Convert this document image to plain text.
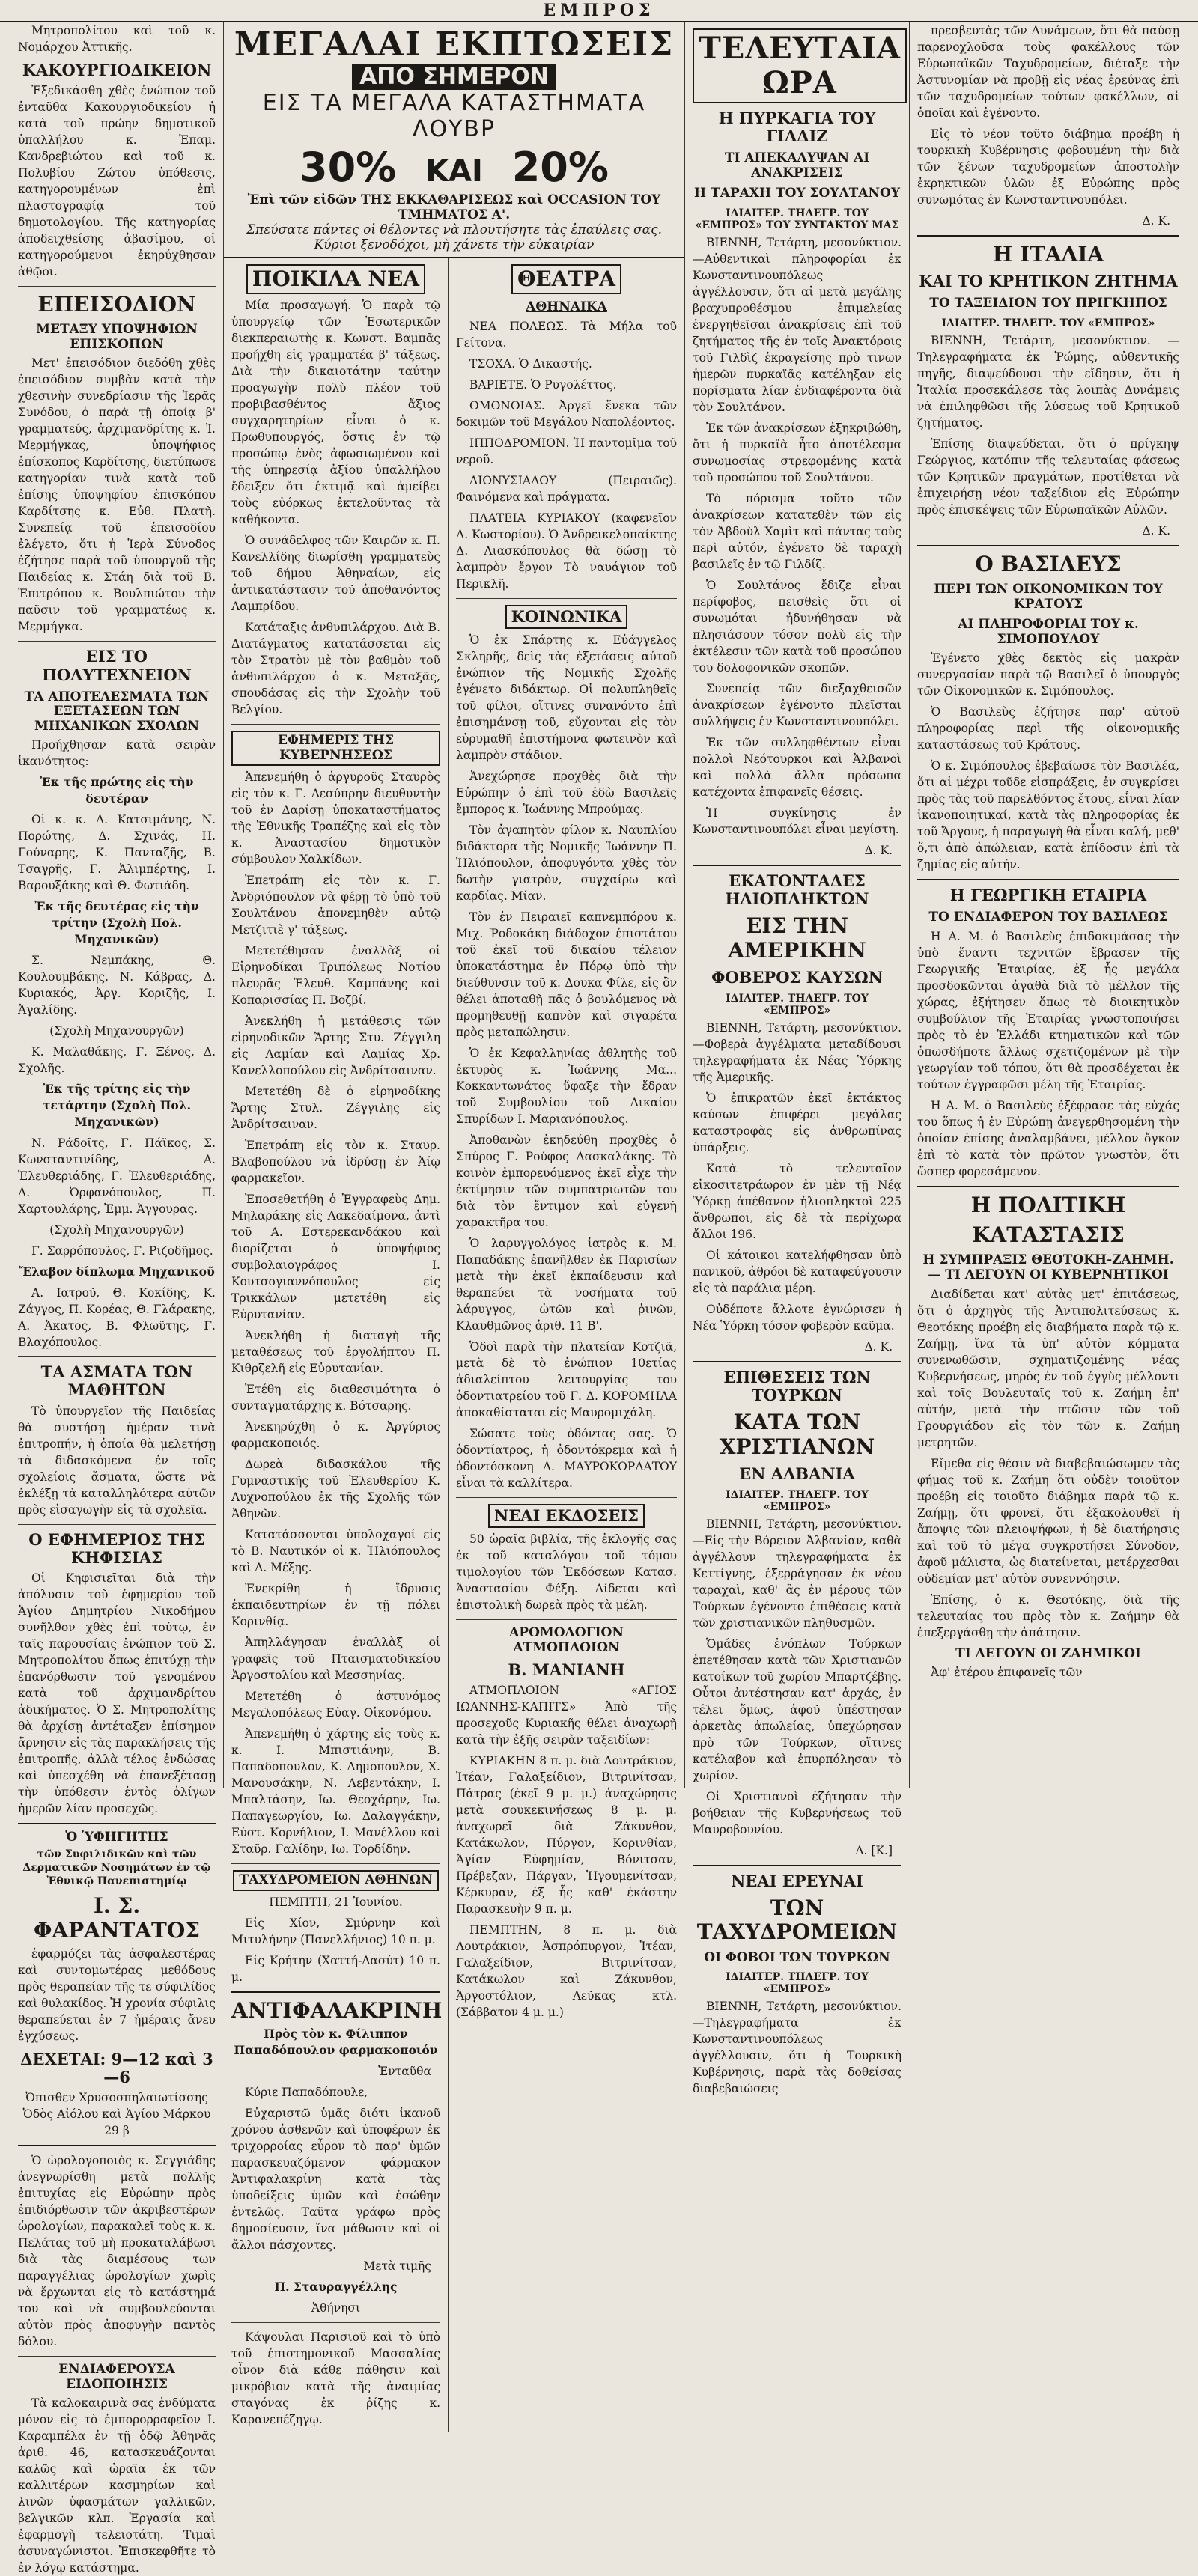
ΕΜΠΡΟΣ

Μητροπολίτου καὶ τοῦ κ. Νομάρχου Ἀττικῆς.

ΚΑΚΟΥΡΓΙΟΔΙΚΕΙΟΝ

Ἐξεδικάσθη χθὲς ἐνώπιον τοῦ ἐνταῦθα Κακουργιοδικείου ἡ κατὰ τοῦ πρώην δημοτικοῦ ὑπαλλήλου κ. Ἐπαμ. Κανδρεβιώτου καὶ τοῦ κ. Πολυβίου Ζώτου ὑπόθεσις, κατηγορουμένων ἐπὶ πλαστογραφίᾳ τοῦ δημοτολογίου. Τῆς κατηγορίας ἀποδειχθείσης ἀβασίμου, οἱ κατηγορούμενοι ἐκηρύχθησαν ἀθῷοι.

ΕΠΕΙΣΟΔΙΟΝ
ΜΕΤΑΞΥ ΥΠΟΨΗΦΙΩΝ ΕΠΙΣΚΟΠΩΝ

Μετ' ἐπεισόδιον διεδόθη χθὲς ἐπεισόδιον συμβὰν κατὰ τὴν χθεσινὴν συνεδρίασιν τῆς Ἱερᾶς Συνόδου, ὁ παρὰ τῇ ὁποίᾳ β' γραμματεύς, ἀρχιμανδρίτης κ. Ἰ. Μερμήγκας, ὑποψήφιος ἐπίσκοπος Καρδίτσης, διετύπωσε κατηγορίαν τινὰ κατὰ τοῦ ἐπίσης ὑποψηφίου ἐπισκόπου Καρδίτσης κ. Εὐθ. Πλατῆ. Συνεπείᾳ τοῦ ἐπεισοδίου ἐλέγετο, ὅτι ἡ Ἱερὰ Σύνοδος ἐζήτησε παρὰ τοῦ ὑπουργοῦ τῆς Παιδείας κ. Στάη διὰ τοῦ Β. Ἐπιτρόπου κ. Βουλπιώτου τὴν παῦσιν τοῦ γραμματέως κ. Μερμήγκα.

ΕΙΣ ΤΟ ΠΟΛΥΤΕΧΝΕΙΟΝ
ΤΑ ΑΠΟΤΕΛΕΣΜΑΤΑ ΤΩΝ ΕΞΕΤΑΣΕΩΝ ΤΩΝ ΜΗΧΑΝΙΚΩΝ ΣΧΟΛΩΝ

Προήχθησαν κατὰ σειρὰν ἱκανότητος:

Ἐκ τῆς πρώτης εἰς τὴν δευτέραν

Οἱ κ. κ. Δ. Κατσιμάνης, Ν. Πορώτης, Δ. Σχινάς, Η. Γούναρης, Κ. Πανταζῆς, Β. Τσαγρῆς, Γ. Ἀλιμπέρτης, Ι. Βαρουξάκης καὶ Θ. Φωτιάδη.

Ἐκ τῆς δευτέρας εἰς τὴν τρίτην (Σχολὴ Πολ. Μηχανικῶν)

Σ. Νεμπάκης, Θ. Κουλουμβάκης, Ν. Κάβρας, Δ. Κυριακός, Ἀργ. Κοριζῆς, Ι. Ἀγαλίδης.

(Σχολὴ Μηχανουργῶν)

Κ. Μαλαθάκης, Γ. Ξένος, Δ. Σχολῆς.

Ἐκ τῆς τρίτης εἰς τὴν τετάρτην (Σχολὴ Πολ. Μηχανικῶν)

Ν. Ράδοῖτς, Γ. Πάϊκος, Σ. Κωνσταντινίδης, Α. Ἐλευθεριάδης, Γ. Ἐλευθεριάδης, Δ. Ὀρφανόπουλος, Π. Χαρτουλάρης, Ἐμμ. Ἀγγουρας.

(Σχολὴ Μηχανουργῶν)

Γ. Σαρρόπουλος, Γ. Ριζοδῆμος.

Ἔλαβον δίπλωμα Μηχανικοῦ

Α. Ιατροῦ, Θ. Κοκίδης, Κ. Ζάγγος, Π. Κορέας, Θ. Γλάρακης, Α. Ἀκατος, Β. Φλωῦτης, Γ. Βλαχόπουλος.

ΤΑ ΑΣΜΑΤΑ ΤΩΝ ΜΑΘΗΤΩΝ

Τὸ ὑπουργεῖον τῆς Παιδείας θὰ συστήσῃ ἡμέραν τινὰ ἐπιτροπήν, ἡ ὁποία θὰ μελετήσῃ τὰ διδασκόμενα ἐν τοῖς σχολείοις ἄσματα, ὥστε νὰ ἐκλέξῃ τὰ καταλληλότερα αὐτῶν πρὸς εἰσαγωγὴν εἰς τὰ σχολεῖα.

Ο ΕΦΗΜΕΡΙΟΣ ΤΗΣ ΚΗΦΙΣΙΑΣ

Οἱ Κηφισιεῖται διὰ τὴν ἀπόλυσιν τοῦ ἐφημερίου τοῦ Ἁγίου Δημητρίου Νικοδήμου συνῆλθον χθὲς ἐπὶ τούτῳ, ἐν ταῖς παρουσίαις ἐνώπιον τοῦ Σ. Μητροπολίτου ὅπως ἐπιτύχῃ τὴν ἐπανόρθωσιν τοῦ γενομένου κατὰ τοῦ ἀρχιμανδρίτου ἀδικήματος. Ὁ Σ. Μητροπολίτης θὰ ἀρχίσῃ ἀντέταξεν ἐπίσημον ἄρνησιν εἰς τὰς παρακλήσεις τῆς ἐπιτροπῆς, ἀλλὰ τέλος ἐνδώσας καὶ ὑπεσχέθη νὰ ἐπανεξέτασῃ τὴν ὑπόθεσιν ἐντὸς ὀλίγων ἡμερῶν λίαν προσεχῶς.

Ὁ ὙΦΗΓΗΤΗΣ
τῶν Συφιλιδικῶν καὶ τῶν Δερματικῶν Νοσημάτων ἐν τῷ Ἐθνικῷ Πανεπιστημίῳ
Ι. Σ. ΦΑΡΑΝΤΑΤΟΣ

ἐφαρμόζει τὰς ἀσφαλεστέρας καὶ συντομωτέρας μεθόδους πρὸς θεραπείαν τῆς τε σύφιλίδος καὶ θυλακίδος. Ἡ χρονία σύφιλις θεραπεύεται ἐν 7 ἡμέραις ἄνευ ἐγχύσεως.

ΔΕΧΕΤΑΙ: 9—12 καὶ 3—6
Ὀπισθεν Χρυσοσπηλαιωτίσσης
Ὁδὸς Αἰόλου καὶ Ἁγίου Μάρκου 29 β

Ὁ ὡρολογοποιὸς κ. Σεγγιάδης ἀνεγνωρίσθη μετὰ πολλῆς ἐπιτυχίας εἰς Εὐρώπην πρὸς ἐπιδιόρθωσιν τῶν ἀκριβεστέρων ὡρολογίων, παρακαλεῖ τοὺς κ. κ. Πελάτας τοῦ μὴ προκαταλάβωσι διὰ τὰς διαμέσους των παραγγέλιας ὡρολογίων χωρὶς νὰ ἔρχωνται εἰς τὸ κατάστημά του καὶ νὰ συμβουλεύονται αὐτὸν πρὸς ἀποφυγὴν παντὸς δόλου.

ΕΝΔΙΑΦΕΡΟΥΣΑ ΕΙΔΟΠΟΙΗΣΙΣ

Τὰ καλοκαιρινὰ σας ἐνδύματα μόνον εἰς τὸ ἐμπορορραφεῖον Ι. Καραμπέλα ἐν τῇ ὁδῷ Ἀθηνᾶς ἀριθ. 46, κατασκευάζονται καλῶς καὶ ὡραῖα ἐκ τῶν καλλιτέρων κασμηρίων καὶ λινῶν ὑφασμάτων γαλλικῶν, βελγικῶν κλπ. Ἐργασία καὶ ἐφαρμογὴ τελειοτάτη. Τιμαὶ ἀσυναγώνιστοι. Ἐπισκεφθῆτε τὸ ἐν λόγῳ κατάστημα.

ΜΕΓΑΛΑΙ ΕΚΠΤΩΣΕΙΣ
ΑΠΟ ΣΗΜΕΡΟΝ
ΕΙΣ ΤΑ ΜΕΓΑΛΑ ΚΑΤΑΣΤΗΜΑΤΑ ΛΟΥΒΡ
30% ΚΑΙ 20%
Ἐπὶ τῶν εἰδῶν ΤΗΣ ΕΚΚΑΘΑΡΙΣΕΩΣ καὶ OCCASION ΤΟΥ ΤΜΗΜΑΤΟΣ Α'.
Σπεύσατε πάντες οἱ θέλοντες νὰ πλουτήσητε τὰς ἐπαύλεις σας. Κύριοι ξενοδόχοι, μὴ χάνετε τὴν εὐκαιρίαν
ΠΟΙΚΙΛΑ ΝΕΑ

Μία προσαγωγή. Ὁ παρὰ τῷ ὑπουργείῳ τῶν Ἐσωτερικῶν διεκπεραιωτὴς κ. Κωνστ. Βαμπᾶς προήχθη εἰς γραμματέα β' τάξεως. Διὰ τὴν δικαιοτάτην ταύτην προαγωγὴν πολὺ πλέον τοῦ προβιβασθέντος ἄξιος συγχαρητηρίων εἶναι ὁ κ. Πρωθυπουργός, ὅστις ἐν τῷ προσώπῳ ἑνὸς ἀφωσιωμένου καὶ τῆς ὑπηρεσίᾳ ἀξίου ὑπαλλήλου ἔδειξεν ὅτι ἐκτιμᾷ καὶ ἀμείβει τοὺς εὐόρκως ἐκτελοῦντας τὰ καθήκοντα.

Ὁ συνάδελφος τῶν Καιρῶν κ. Π. Κανελλίδης διωρίσθη γραμματεὺς τοῦ δήμου Ἀθηναίων, εἰς ἀντικατάστασιν τοῦ ἀποθανόντος Λαμπρίδου.

Κατάταξις ἀνθυπιλάρχου. Διὰ Β. Διατάγματος κατατάσσεται εἰς τὸν Στρατὸν μὲ τὸν βαθμὸν τοῦ ἀνθυπιλάρχου ὁ κ. Μεταξᾶς, σπουδάσας εἰς τὴν Σχολὴν τοῦ Βελγίου.

ΕΦΗΜΕΡΙΣ ΤΗΣ ΚΥΒΕΡΝΗΣΕΩΣ

Ἀπενεμήθη ὁ ἀργυροῦς Σταυρὸς εἰς τὸν κ. Γ. Δεσύπρην διευθυντὴν τοῦ ἐν Δαρίσῃ ὑποκαταστήματος τῆς Ἐθνικῆς Τραπέζης καὶ εἰς τὸν κ. Ἀναστασίου δημοτικὸν σύμβουλον Χαλκίδων.

Ἐπετράπη εἰς τὸν κ. Γ. Ἀνδριόπουλον νὰ φέρῃ τὸ ὑπὸ τοῦ Σουλτάνου ἀπονεμηθὲν αὐτῷ Μετζιτιὲ γ' τάξεως.

Μετετέθησαν ἐναλλὰξ οἱ Εἰρηνοδίκαι Τριπόλεως Νοτίου πλευρᾶς Ἐλευθ. Καμπάνης καὶ Κοπαρισσίας Π. Βοζβί.

Ἀνεκλήθη ἡ μετάθεσις τῶν εἰρηνοδικῶν Ἄρτης Στυ. Ζέγγιλη εἰς Λαμίαν καὶ Λαμίας Χρ. Κανελλοπούλου εἰς Ἀνδρίτσαιναν.

Μετετέθη δὲ ὁ εἰρηνοδίκης Ἄρτης Στυλ. Ζέγγιλης εἰς Ἀνδρίτσαιναν.

Ἐπετράπη εἰς τὸν κ. Σταυρ. Βλαβοπούλου νὰ ἱδρύσῃ ἐν Ἀίῳ φαρμακεῖον.

Ἐποσεθετήθη ὁ Ἐγγραφεὺς Δημ. Μηλαράκης εἰς Λακεδαίμονα, ἀντὶ τοῦ Α. Εστερεκανδάκου καὶ διορίζεται ὁ ὑποψήφιος συμβολαιογράφος Ι. Κουτσογιαννόπουλος εἰς Τρικκάλων μετετέθη εἰς Εὐρυτανίαν.

Ἀνεκλήθη ἡ διαταγὴ τῆς μεταθέσεως τοῦ ἐργολήπτου Π. Κιθρζελῆ εἰς Εὐρυτανίαν.

Ἐτέθη εἰς διαθεσιμότητα ὁ συνταγματάρχης κ. Βότσαρης.

Ἀνεκηρύχθη ὁ κ. Ἀργύριος φαρμακοποιός.

Δωρεὰ διδασκάλου τῆς Γυμναστικῆς τοῦ Ἐλευθερίου Κ. Λυχνοπούλου ἐκ τῆς Σχολῆς τῶν Ἀθηνῶν.

Κατατάσσονται ὑπολοχαγοί εἰς τὸ Β. Ναυτικόν οἱ κ. Ἠλιόπουλος καὶ Δ. Μέξης.

Ἐνεκρίθη ἡ ἵδρυσις ἐκπαιδευτηρίων ἐν τῇ πόλει Κορινθίᾳ.

Ἀπηλλάγησαν ἐναλλὰξ οἱ γραφεῖς τοῦ Πταισματοδικείου Ἀργοστολίου καὶ Μεσσηνίας.

Μετετέθη ὁ ἀστυνόμος Μεγαλοπόλεως Εὐαγ. Οἰκονόμου.

Ἀπενεμήθη ὁ χάρτης εἰς τοὺς κ. κ. Ι. Μπιστιάνην, Β. Παπαδοπουλον, Κ. Δημοπουλον, Χ. Μανουσάκην, Ν. Λεβεντάκην, Ι. Μπαλτάσην, Ιω. Θεοχάρην, Ιω. Παπαγεωργίου, Ιω. Δαλαγγάκην, Εὐστ. Κορνήλιον, Ι. Μανέλλου καὶ Σταῦρ. Γαλίδην, Ιω. Τορδίδην.

ΤΑΧΥΔΡΟΜΕΙΟΝ ΑΘΗΝΩΝ

ΠΕΜΠΤΗ, 21 Ἰουνίου.

Εἰς Χίον, Σμύρνην καὶ Μιτυλήνην (Πανελλήνιος) 10 π. μ.

Εἰς Κρήτην (Χαττή-Δασύτ) 10 π. μ.

ΑΝΤΙΦΑΛΑΚΡΙΝΗ

Πρὸς τὸν κ. Φίλιππον Παπαδόπουλον φαρμακοποιόν

Ἐνταῦθα

Κύριε Παπαδόπουλε,

Εὐχαριστῶ ὑμᾶς διότι ἱκανοῦ χρόνου ἀσθενῶν καὶ ὑποφέρων ἐκ τριχορροίας εὗρον τὸ παρ' ὑμῶν παρασκευαζόμενον φάρμακον Ἀντιφαλακρίνη κατὰ τὰς ὑποδείξεις ὑμῶν καὶ ἐσώθην ἐντελῶς. Ταῦτα γράφω πρὸς δημοσίευσιν, ἵνα μάθωσιν καὶ οἱ ἄλλοι πάσχοντες.

Μετὰ τιμῆς

Π. Σταυραγγέλλης

Ἀθήνησι

Κάψουλαι Παρισιοῦ καὶ τὸ ὑπὸ τοῦ ἐπιστημονικοῦ Μασσαλίας οἶνον διὰ κάθε πάθησιν καὶ μικρόβιον κατὰ τῆς ἀναιμίας σταγόνας ἐκ ῥίζης κ. Καρανεπέζηγῳ.

ΘΕΑΤΡΑ
ΑΘΗΝΑΙΚΑ

ΝΕΑ ΠΟΛΕΩΣ. Τὰ Μήλα τοῦ Γείτονα.

ΤΣΟΧΑ. Ὁ Δικαστής.

ΒΑΡΙΕΤΕ. Ὁ Ρυγολέττος.

ΟΜΟΝΟΙΑΣ. Ἀργεῖ ἕνεκα τῶν δοκιμῶν τοῦ Μεγάλου Ναπολέοντος.

ΙΠΠΟΔΡΟΜΙΟΝ. Ἡ παντομῖμα τοῦ νεροῦ.

ΔΙΟΝΥΣΙΑΔΟΥ (Πειραιῶς). Φαινόμενα καὶ πράγματα.

ΠΛΑΤΕΙΑ ΚΥΡΙΑΚΟΥ (καφενεῖον Δ. Κωστορίου). Ὁ Ἀνδρεικελοπαίκτης Δ. Λιασκόπουλος θὰ δώσῃ τὸ λαμπρὸν ἔργον Τὸ ναυάγιον τοῦ Περικλῆ.

ΚΟΙΝΩΝΙΚΑ

Ὁ ἐκ Σπάρτης κ. Εὐάγγελος Σκληρῆς, δεὶς τὰς ἐξετάσεις αὐτοῦ ἐνώπιον τῆς Νομικῆς Σχολῆς ἐγένετο διδάκτωρ. Οἱ πολυπληθεῖς τοῦ φίλοι, οἵτινες συνανόντο ἐπὶ ἐπισημάνσῃ τοῦ, εὔχονται εἰς τὸν εὐρυμαθῆ ἐπιστήμονα φωτεινὸν καὶ λαμπρὸν στάδιον.

Ἀνεχώρησε προχθὲς διὰ τὴν Εὐρώπην ὁ ἐπὶ τοῦ ἐδὼ Βασιλεῖς ἔμπορος κ. Ἰωάννης Μπρούμας.

Τὸν ἀγαπητὸν φίλον κ. Ναυπλίου διδάκτορα τῆς Νομικῆς Ἰωάννην Π. Ἠλιόπουλον, ἀποφυγόντα χθὲς τὸν δωτὴν γιατρὸν, συγχαίρω καὶ καρδίας. Μίαν.

Τὸν ἐν Πειραιεῖ καπνεμπόρου κ. Μιχ. Ῥοδοκάκη διάδοχον ἐπιστάτου τοῦ ἐκεῖ τοῦ δικαίου τέλειον ὑποκατάστημα ἐν Πόρῳ ὑπὸ τὴν διεύθυνσιν τοῦ κ. Δουκα Φίλε, εἰς ὃν θέλει ἀποταθῇ πᾶς ὁ βουλόμενος νὰ προμηθευθῇ καπνὸν καὶ σιγαρέτα πρὸς μεταπώλησιν.

Ὁ ἐκ Κεφαλληνίας ἀθλητὴς τοῦ ἐκτυρὸς κ. Ἰωάννης Μα... Κοκκαντωνάτος ὕφαξε τὴν ἕδραν τοῦ Συμβουλίου τοῦ Δικαίου Σπυρίδων Ι. Μαριανόπουλος.

Ἀποθανὼν ἐκηδεύθη προχθὲς ὁ Σπύρος Γ. Ρούφος Δασκαλάκης. Τὸ κοινὸν ἐμπορευόμενος ἐκεῖ εἶχε τὴν ἐκτίμησιν τῶν συμπατριωτῶν του διὰ τὸν ἔντιμον καὶ εὐγενῆ χαρακτῆρα του.

Ὁ λαρυγγολόγος ἰατρὸς κ. Μ. Παπαδάκης ἐπανῆλθεν ἐκ Παρισίων μετὰ τὴν ἐκεῖ ἐκπαίδευσιν καὶ θεραπεύει τὰ νοσήματα τοῦ λάρυγγος, ὠτῶν καὶ ῥινῶν, Κλαυθμῶνος ἀριθ. 11 Β'.

Ὁδοὶ παρὰ τὴν πλατείαν Κοτζιᾶ, μετὰ δὲ τὸ ἐνώπιον 10ετίας ἀδιαλείπτου λειτουργίας του ὀδοντιατρείου τοῦ Γ. Δ. ΚΟΡΟΜΗΛΑ ἀποκαθίσταται εἰς Μαυρομιχάλη.

Σώσατε τοὺς ὀδόντας σας. Ὁ ὀδοντίατρος, ἡ ὀδοντόκρεμα καὶ ἡ ὀδοντόσκονη Δ. ΜΑΥΡΟΚΟΡΔΑΤΟΥ εἶναι τὰ καλλίτερα.

ΝΕΑΙ ΕΚΔΟΣΕΙΣ

50 ὡραῖα βιβλία, τῆς ἐκλογῆς σας ἐκ τοῦ καταλόγου τοῦ τόμου τιμολογίου τῶν Ἐκδόσεων Κατασ. Ἀναστασίου Φέξη. Δίδεται καὶ ἐπιστολικὴ δωρεὰ πρὸς τὰ μέλη.

ΑΡΟΜΟΛΟΓΙΟΝ ΑΤΜΟΠΛΟΙΩΝ
Β. ΜΑΝΙΑΝΗ

ΑΤΜΟΠΛΟΙΟΝ «ΑΓΙΟΣ ΙΩΑΝΝΗΣ-ΚΑΠΙΤΣ» Ἀπὸ τῆς προσεχοῦς Κυριακῆς θέλει ἀναχωρῇ κατὰ τὴν ἑξῆς σειρὰν ταξειδίων:

ΚΥΡΙΑΚΗΝ 8 π. μ. διὰ Λουτράκιον, Ἰτέαν, Γαλαξείδιον, Βιτρινίτσαν, Πάτρας (ἐκεῖ 9 μ. μ.) ἀναχώρησις μετὰ σουκεκινήσεως 8 μ. μ. ἀναχωρεῖ διὰ Ζάκυνθον, Κατάκωλον, Πύργον, Κορινθίαν, Ἀγίαν Εὐφημίαν, Βόνιτσαν, Πρέβεζαν, Πάργαν, Ἡγουμενίτσαν, Κέρκυραν, ἐξ ἧς καθ' ἑκάστην Παρασκευὴν 9 π. μ.

ΠΕΜΠΤΗΝ, 8 π. μ. διὰ Λουτράκιον, Ἀσπρόπυργον, Ἰτέαν, Γαλαξείδιον, Βιτρινίτσαν, Κατάκωλον καὶ Ζάκυνθον, Ἀργοστόλιον, Λεῦκας κτλ. (Σάββατον 4 μ. μ.)

ΤΕΛΕΥΤΑΙΑ ΩΡΑ
Η ΠΥΡΚΑΓΙΑ ΤΟΥ ΓΙΛΔΙΖ
ΤΙ ΑΠΕΚΑΛΥΨΑΝ ΑΙ ΑΝΑΚΡΙΣΕΙΣ
Η ΤΑΡΑΧΗ ΤΟΥ ΣΟΥΛΤΑΝΟΥ
ΙΔΙΑΙΤΕΡ. ΤΗΛΕΓΡ. ΤΟΥ «ΕΜΠΡΟΣ» ΤΟΥ ΣΥΝΤΑΚΤΟΥ ΜΑΣ

ΒΙΕΝΝΗ, Τετάρτη, μεσονύκτιον.—Αὐθεντικαὶ πληροφορίαι ἐκ Κωνσταντινουπόλεως ἀγγέλλουσιν, ὅτι αἱ μετὰ μεγάλης βραχυπροθέσμου ἐπιμελείας ἐνεργηθεῖσαι ἀνακρίσεις ἐπὶ τοῦ ζητήματος τῆς ἐν τοῖς Ἀνακτόροις τοῦ Γιλδὶζ ἐκραγείσης πρὸ τινων ἡμερῶν πυρκαϊᾶς κατέληξαν εἰς πορίσματα λίαν ἐνδιαφέροντα διὰ τὸν Σουλτάνον.

Ἐκ τῶν ἀνακρίσεων ἐξηκριβώθη, ὅτι ἡ πυρκαϊὰ ἦτο ἀποτέλεσμα συνωμοσίας στρεφομένης κατὰ τοῦ προσώπου τοῦ Σουλτάνου.

Τὸ πόρισμα τοῦτο τῶν ἀνακρίσεων κατατεθὲν τῶν εἰς τὸν Ἀβδοὺλ Χαμὶτ καὶ πάντας τοὺς περὶ αὐτόν, ἐγένετο δὲ ταραχὴ βασιλεῖς ἐν τῷ Γιλδίζ.

Ὁ Σουλτάνος ἔδιζε εἶναι περίφοβος, πεισθεὶς ὅτι οἱ συνωμόται ἠδυνήθησαν νὰ πλησιάσουν τόσον πολὺ εἰς τὴν ἐκτέλεσιν τῶν κατὰ τοῦ προσώπου του δολοφονικῶν σκοπῶν.

Συνεπείᾳ τῶν διεξαχθεισῶν ἀνακρίσεων ἐγένοντο πλεῖσται συλλήψεις ἐν Κωνσταντινουπόλει.

Ἐκ τῶν συλληφθέντων εἶναι πολλοὶ Νεότουρκοι καὶ Ἀλβανοὶ καὶ πολλὰ ἄλλα πρόσωπα κατέχοντα ἐπιφανεῖς θέσεις.

Ἡ συγκίνησις ἐν Κωνσταντινουπόλει εἶναι μεγίστη.

Δ. Κ.

ΕΚΑΤΟΝΤΑΔΕΣ ΗΛΙΟΠΛΗΚΤΩΝ
ΕΙΣ ΤΗΝ ΑΜΕΡΙΚΗΝ
ΦΟΒΕΡΟΣ ΚΑΥΣΩΝ
ΙΔΙΑΙΤΕΡ. ΤΗΛΕΓΡ. ΤΟΥ «ΕΜΠΡΟΣ»

ΒΙΕΝΝΗ, Τετάρτη, μεσονύκτιον.—Φοβερὰ ἀγγέλματα μεταδίδουσι τηλεγραφήματα ἐκ Νέας Ὑόρκης τῆς Ἀμερικῆς.

Ὁ ἐπικρατῶν ἐκεῖ ἐκτάκτος καύσων ἐπιφέρει μεγάλας καταστροφὰς εἰς ἀνθρωπίνας ὑπάρξεις.

Κατὰ τὸ τελευταῖον εἰκοσιτετράωρον ἐν μὲν τῇ Νέᾳ Ὑόρκῃ ἀπέθανον ἡλιοπληκτοὶ 225 ἄνθρωποι, εἰς δὲ τὰ περίχωρα ἄλλοι 196.

Οἱ κάτοικοι κατελήφθησαν ὑπὸ πανικοῦ, ἀθρόοι δὲ καταφεύγουσιν εἰς τὰ παράλια μέρη.

Οὐδέποτε ἄλλοτε ἐγνώρισεν ἡ Νέα Ὑόρκη τόσον φοβερὸν καῦμα.

Δ. Κ.

ΕΠΙΘΕΣΕΙΣ ΤΩΝ ΤΟΥΡΚΩΝ
ΚΑΤΑ ΤΩΝ ΧΡΙΣΤΙΑΝΩΝ
ΕΝ ΑΛΒΑΝΙΑ
ΙΔΙΑΙΤΕΡ. ΤΗΛΕΓΡ. ΤΟΥ «ΕΜΠΡΟΣ»

ΒΙΕΝΝΗ, Τετάρτη, μεσονύκτιον.—Εἰς τὴν Βόρειον Ἀλβανίαν, καθὰ ἀγγέλλουν τηλεγραφήματα ἐκ Κεττίγνης, ἐξερράγησαν ἐκ νέου ταραχαὶ, καθ' ἃς ἐν μέρους τῶν Τούρκων ἐγένοντο ἐπιθέσεις κατὰ τῶν χριστιανικῶν πληθυσμῶν.

Ὁμάδες ἐνόπλων Τούρκων ἐπετέθησαν κατὰ τῶν Χριστιανῶν κατοίκων τοῦ χωρίου Μπαρτζέβης. Οὗτοι ἀντέστησαν κατ' ἀρχάς, ἐν τέλει ὅμως, ἀφοῦ ὑπέστησαν ἀρκετὰς ἀπωλείας, ὑπεχώρησαν πρὸ τῶν Τούρκων, οἵτινες κατέλαβον καὶ ἐπυρπόλησαν τὸ χωρίον.

Οἱ Χριστιανοὶ ἐζήτησαν τὴν βοήθειαν τῆς Κυβερνήσεως τοῦ Μαυροβουνίου.

Δ. [Κ.]

ΝΕΑΙ ΕΡΕΥΝΑΙ
ΤΩΝ ΤΑΧΥΔΡΟΜΕΙΩΝ
ΟΙ ΦΟΒΟΙ ΤΩΝ ΤΟΥΡΚΩΝ
ΙΔΙΑΙΤΕΡ. ΤΗΛΕΓΡ. ΤΟΥ «ΕΜΠΡΟΣ»

ΒΙΕΝΝΗ, Τετάρτη, μεσονύκτιον.—Τηλεγραφήματα ἐκ Κωνσταντινουπόλεως ἀγγέλλουσιν, ὅτι ἡ Τουρκικὴ Κυβέρνησις, παρὰ τὰς δοθείσας διαβεβαιώσεις

πρεσβευτὰς τῶν Δυνάμεων, ὅτι θὰ παύσῃ παρενοχλοῦσα τοὺς φακέλλους τῶν Εὐρωπαϊκῶν Ταχυδρομείων, διέταξε τὴν Ἀστυνομίαν νὰ προβῇ εἰς νέας ἐρεύνας ἐπὶ τῶν ταχυδρομείων τούτων φακέλλων, αἱ ὁποῖαι καὶ ἐγένοντο.

Εἰς τὸ νέον τοῦτο διάβημα προέβη ἡ τουρκικὴ Κυβέρνησις φοβουμένη τὴν διὰ τῶν ξένων ταχυδρομείων ἀποστολὴν ἐκρηκτικῶν ὑλῶν ἐξ Εὐρώπης πρὸς συνωμότας ἐν Κωνσταντινουπόλει.

Δ. Κ.

Η ΙΤΑΛΙΑ
ΚΑΙ ΤΟ ΚΡΗΤΙΚΟΝ ΖΗΤΗΜΑ
ΤΟ ΤΑΞΕΙΔΙΟΝ ΤΟΥ ΠΡΙΓΚΗΠΟΣ
ΙΔΙΑΙΤΕΡ. ΤΗΛΕΓΡ. ΤΟΥ «ΕΜΠΡΟΣ»

ΒΙΕΝΝΗ, Τετάρτη, μεσονύκτιον. — Τηλεγραφήματα ἐκ Ῥώμης, αὐθεντικῆς πηγῆς, διαψεύδουσι τὴν εἴδησιν, ὅτι ἡ Ἰταλία προσεκάλεσε τὰς λοιπὰς Δυνάμεις νὰ ἐπιληφθῶσι τῆς λύσεως τοῦ Κρητικοῦ ζητήματος.

Ἐπίσης διαψεύδεται, ὅτι ὁ πρίγκηψ Γεώργιος, κατόπιν τῆς τελευταίας φάσεως τῶν Κρητικῶν πραγμάτων, προτίθεται νὰ ἐπιχειρήσῃ νέον ταξείδιον εἰς Εὐρώπην πρὸς ἐπισκέψεις τῶν Εὐρωπαϊκῶν Αὐλῶν.

Δ. Κ.

Ο ΒΑΣΙΛΕΥΣ
ΠΕΡΙ ΤΩΝ ΟΙΚΟΝΟΜΙΚΩΝ ΤΟΥ ΚΡΑΤΟΥΣ
ΑΙ ΠΛΗΡΟΦΟΡΙΑΙ ΤΟΥ κ. ΣΙΜΟΠΟΥΛΟΥ

Ἐγένετο χθὲς δεκτὸς εἰς μακρὰν συνεργασίαν παρὰ τῷ Βασιλεῖ ὁ ὑπουργὸς τῶν Οἰκονομικῶν κ. Σιμόπουλος.

Ὁ Βασιλεὺς ἐζήτησε παρ' αὐτοῦ πληροφορίας περὶ τῆς οἰκονομικῆς καταστάσεως τοῦ Κράτους.

Ὁ κ. Σιμόπουλος ἐβεβαίωσε τὸν Βασιλέα, ὅτι αἱ μέχρι τοῦδε εἰσπράξεις, ἐν συγκρίσει πρὸς τὰς τοῦ παρελθόντος ἔτους, εἶναι λίαν ἱκανοποιητικαί, κατὰ τὰς πληροφορίας ἐκ τοῦ Ἄργους, ἡ παραγωγὴ θὰ εἶναι καλή, μεθ' ὅ,τι ἀπὸ ἀπώλειαν, κατὰ ἐπίδοσιν ἐπὶ τὰ ζημίας εἰς αὐτήν.

Η ΓΕΩΡΓΙΚΗ ΕΤΑΙΡΙΑ
ΤΟ ΕΝΔΙΑΦΕΡΟΝ ΤΟΥ ΒΑΣΙΛΕΩΣ

Η Α. Μ. ὁ Βασιλεὺς ἐπιδοκιμάσας τὴν ὑπὸ ἔναντι τεχνιτῶν ἔβρασεν τῆς Γεωργικῆς Ἑταιρίας, ἐξ ἧς μεγάλα προσδοκῶνται ἀγαθὰ διὰ τὸ μέλλον τῆς χώρας, ἐξήτησεν ὅπως τὸ διοικητικὸν συμβούλιον τῆς Ἑταιρίας γνωστοποιήσει πρὸς τὸ ἐν Ἑλλάδι κτηματικῶν καὶ τῶν ὁπωσδήποτε ἄλλως σχετιζομένων μὲ τὴν γεωργίαν τοῦ τόπου, ὅτι θὰ προσδέχεται ἐκ τούτων ἐγγραφῶσι μέλη τῆς Ἑταιρίας.

Η Α. Μ. ὁ Βασιλεὺς ἐξέφρασε τὰς εὐχάς του ὅπως ἡ ἐν Εὐρώπῃ ἀνεγερθησομένη τὴν ὁποίαν ἐπίσης ἀναλαμβάνει, μέλλον ὄγκον ἐπὶ τὸ κατὰ τὸν πρῶτον γνωστὸν, ὅτι ὥσπερ φορεσάμενον.

Η ΠΟΛΙΤΙΚΗ
ΚΑΤΑΣΤΑΣΙΣ
Η ΣΥΜΠΡΑΞΙΣ ΘΕΟΤΟΚΗ-ΖΑΗΜΗ. — ΤΙ ΛΕΓΟΥΝ ΟΙ ΚΥΒΕΡΝΗΤΙΚΟΙ

Διαδίδεται κατ' αὐτὰς μετ' ἐπιτάσεως, ὅτι ὁ ἀρχηγὸς τῆς Ἀντιπολιτεύσεως κ. Θεοτόκης προέβη εἰς διαβήματα παρὰ τῷ κ. Ζαήμῃ, ἵνα τὰ ὑπ' αὐτὸν κόμματα συνενωθῶσιν, σχηματιζομένης νέας Κυβερνήσεως, μηρὸς ἐν τοῦ ἐγγὺς μέλλοντι καὶ τοῖς Βουλευταῖς τοῦ κ. Ζαήμη ἐπ' αὐτήν, μετὰ τὴν πτῶσιν τῶν τοῦ Γρουργιάδου εἰς τὸν τῶν κ. Ζαήμη μετρητῶν.

Εἴμεθα εἰς θέσιν νὰ διαβεβαιώσωμεν τὰς φήμας τοῦ κ. Ζαήμη ὅτι οὐδὲν τοιοῦτον προέβη εἰς τοιοῦτο διάβημα παρὰ τῷ κ. Ζαήμῃ, ὅτι φρονεῖ, ὅτι ἐξακολουθεῖ ἡ ἄποψις τῶν πλειοψήφων, ἡ δὲ διατήρησις καὶ τοῦ τὸ μέγα συγκροτήσει Σύνοδον, ἀφοῦ μάλιστα, ὡς διατείνεται, μετέρχεσθαι οὐδεμίαν μετ' αὐτὸν συνεννόησιν.

Ἐπίσης, ὁ κ. Θεοτόκης, διὰ τῆς τελευταίας του πρὸς τὸν κ. Ζαήμην θὰ ἐπεξεργάσθῃ τὴν ἀπάτησιν.

ΤΙ ΛΕΓΟΥΝ ΟΙ ΖΑΗΜΙΚΟΙ

Ἀφ' ἑτέρου ἐπιφανεῖς τῶν
